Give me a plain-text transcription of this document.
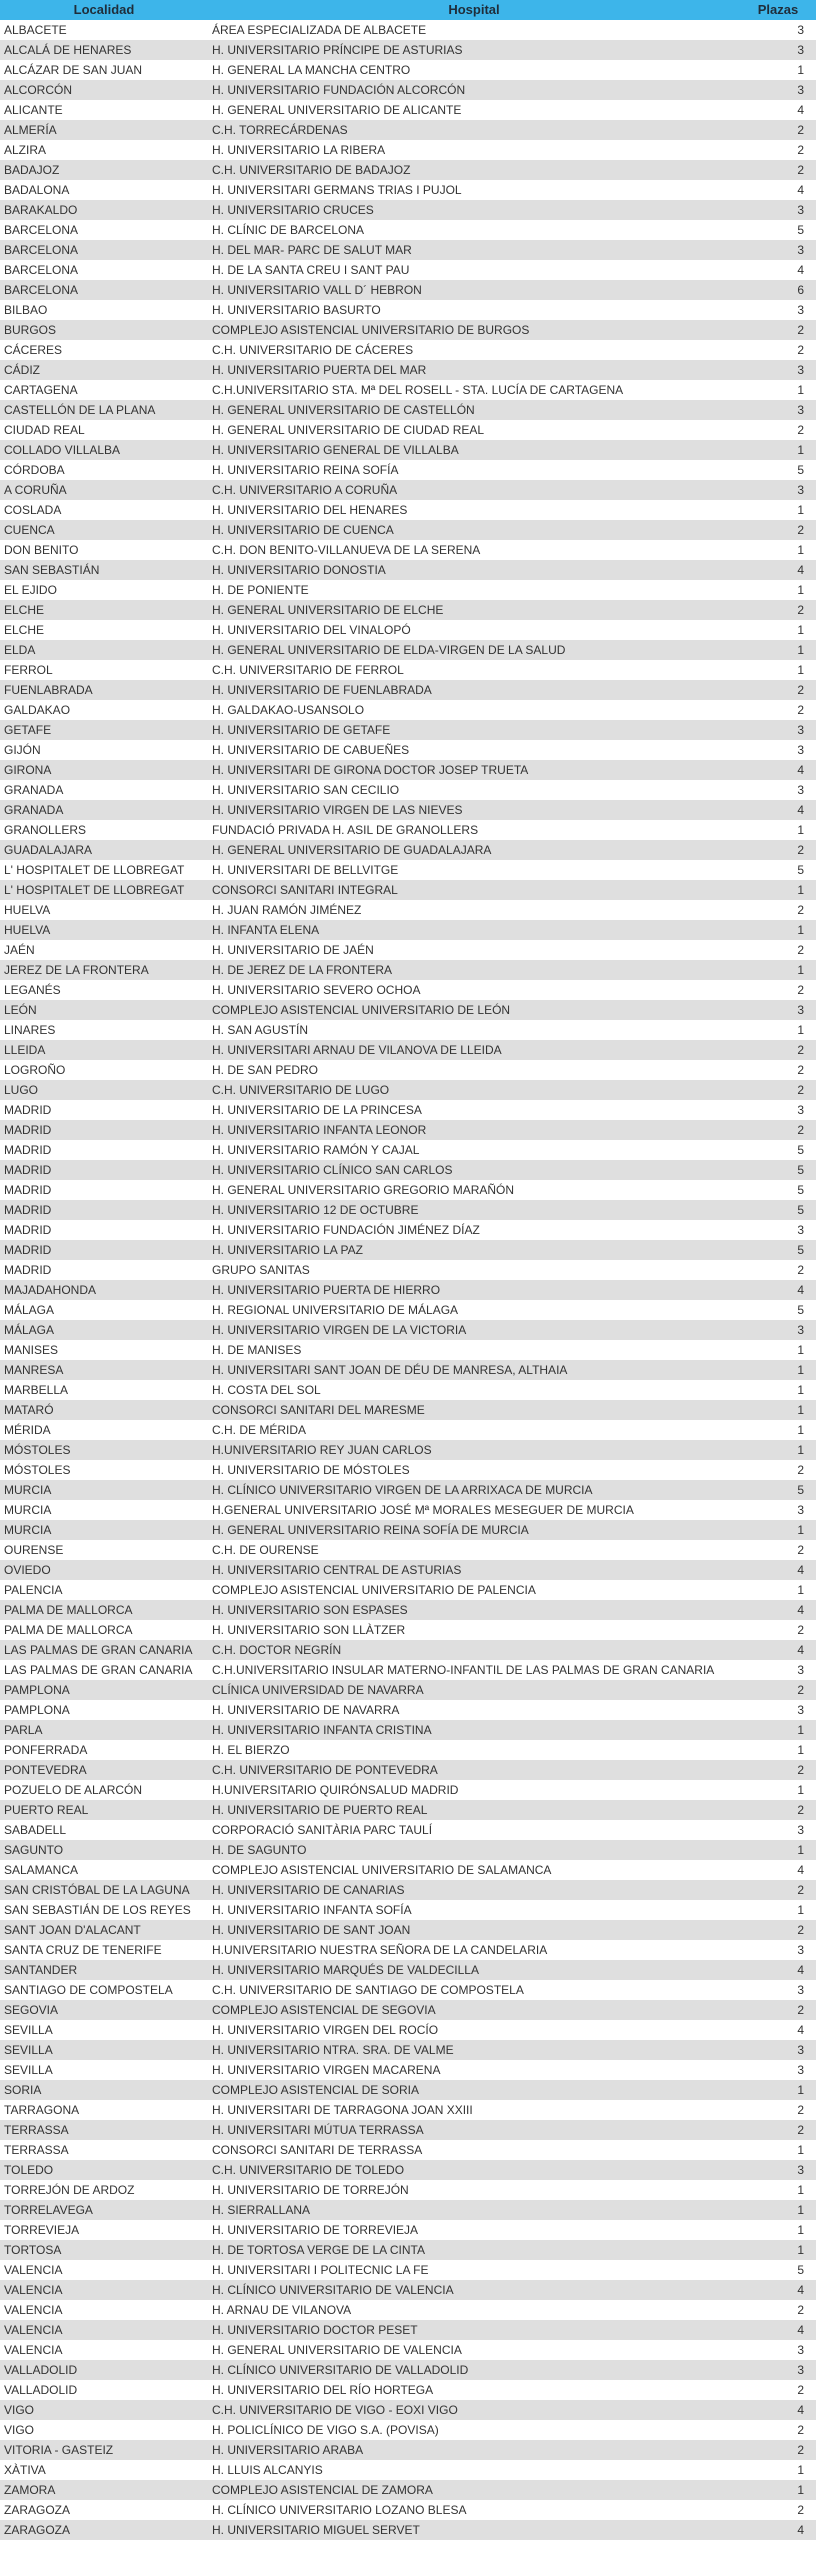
Localidad	Hospital	Plazas
ALBACETE	ÁREA ESPECIALIZADA DE ALBACETE	3
ALCALÁ DE HENARES	H. UNIVERSITARIO PRÍNCIPE DE ASTURIAS	3
ALCÁZAR DE SAN JUAN	H. GENERAL LA MANCHA CENTRO	1
ALCORCÓN	H. UNIVERSITARIO FUNDACIÓN ALCORCÓN	3
ALICANTE	H. GENERAL UNIVERSITARIO DE ALICANTE	4
ALMERÍA	C.H. TORRECÁRDENAS	2
ALZIRA	H. UNIVERSITARIO LA RIBERA	2
BADAJOZ	C.H. UNIVERSITARIO DE BADAJOZ	2
BADALONA	H. UNIVERSITARI GERMANS TRIAS I PUJOL	4
BARAKALDO	H. UNIVERSITARIO CRUCES	3
BARCELONA	H. CLÍNIC DE BARCELONA	5
BARCELONA	H. DEL MAR- PARC DE SALUT MAR	3
BARCELONA	H. DE LA SANTA CREU I SANT PAU	4
BARCELONA	H. UNIVERSITARIO VALL D´ HEBRON	6
BILBAO	H. UNIVERSITARIO BASURTO	3
BURGOS	COMPLEJO ASISTENCIAL UNIVERSITARIO DE BURGOS	2
CÁCERES	C.H. UNIVERSITARIO DE CÁCERES	2
CÁDIZ	H. UNIVERSITARIO PUERTA DEL MAR	3
CARTAGENA	C.H.UNIVERSITARIO STA. Mª DEL ROSELL - STA. LUCÍA DE CARTAGENA	1
CASTELLÓN DE LA PLANA	H. GENERAL UNIVERSITARIO DE CASTELLÓN	3
CIUDAD REAL	H. GENERAL UNIVERSITARIO DE CIUDAD REAL	2
COLLADO VILLALBA	H. UNIVERSITARIO GENERAL DE VILLALBA	1
CÓRDOBA	H. UNIVERSITARIO REINA SOFÍA	5
A CORUÑA	C.H. UNIVERSITARIO A CORUÑA	3
COSLADA	H. UNIVERSITARIO DEL HENARES	1
CUENCA	H. UNIVERSITARIO DE CUENCA	2
DON BENITO	C.H. DON BENITO-VILLANUEVA DE LA SERENA	1
SAN SEBASTIÁN	H. UNIVERSITARIO DONOSTIA	4
EL EJIDO	H. DE PONIENTE	1
ELCHE	H. GENERAL UNIVERSITARIO DE ELCHE	2
ELCHE	H. UNIVERSITARIO DEL VINALOPÓ	1
ELDA	H. GENERAL UNIVERSITARIO DE ELDA-VIRGEN DE LA SALUD	1
FERROL	C.H. UNIVERSITARIO DE FERROL	1
FUENLABRADA	H. UNIVERSITARIO DE FUENLABRADA	2
GALDAKAO	H. GALDAKAO-USANSOLO	2
GETAFE	H. UNIVERSITARIO DE GETAFE	3
GIJÓN	H. UNIVERSITARIO DE CABUEÑES	3
GIRONA	H. UNIVERSITARI DE GIRONA DOCTOR JOSEP TRUETA	4
GRANADA	H. UNIVERSITARIO SAN CECILIO	3
GRANADA	H. UNIVERSITARIO VIRGEN DE LAS NIEVES	4
GRANOLLERS	FUNDACIÓ PRIVADA H. ASIL DE GRANOLLERS	1
GUADALAJARA	H. GENERAL UNIVERSITARIO DE GUADALAJARA	2
L' HOSPITALET DE LLOBREGAT	H. UNIVERSITARI DE BELLVITGE	5
L' HOSPITALET DE LLOBREGAT	CONSORCI SANITARI INTEGRAL	1
HUELVA	H. JUAN RAMÓN JIMÉNEZ	2
HUELVA	H. INFANTA ELENA	1
JAÉN	H. UNIVERSITARIO DE JAÉN	2
JEREZ DE LA FRONTERA	H. DE JEREZ DE LA FRONTERA	1
LEGANÉS	H. UNIVERSITARIO SEVERO OCHOA	2
LEÓN	COMPLEJO ASISTENCIAL UNIVERSITARIO DE LEÓN	3
LINARES	H. SAN AGUSTÍN	1
LLEIDA	H. UNIVERSITARI ARNAU DE VILANOVA DE LLEIDA	2
LOGROÑO	H. DE SAN PEDRO	2
LUGO	C.H. UNIVERSITARIO DE LUGO	2
MADRID	H. UNIVERSITARIO DE LA PRINCESA	3
MADRID	H. UNIVERSITARIO INFANTA LEONOR	2
MADRID	H. UNIVERSITARIO RAMÓN Y CAJAL	5
MADRID	H. UNIVERSITARIO CLÍNICO SAN CARLOS	5
MADRID	H. GENERAL UNIVERSITARIO GREGORIO MARAÑÓN	5
MADRID	H. UNIVERSITARIO 12 DE OCTUBRE	5
MADRID	H. UNIVERSITARIO FUNDACIÓN JIMÉNEZ DÍAZ	3
MADRID	H. UNIVERSITARIO LA PAZ	5
MADRID	GRUPO SANITAS	2
MAJADAHONDA	H. UNIVERSITARIO PUERTA DE HIERRO	4
MÁLAGA	H. REGIONAL UNIVERSITARIO DE MÁLAGA	5
MÁLAGA	H. UNIVERSITARIO VIRGEN DE LA VICTORIA	3
MANISES	H. DE MANISES	1
MANRESA	H. UNIVERSITARI SANT JOAN DE DÉU DE MANRESA, ALTHAIA	1
MARBELLA	H. COSTA DEL SOL	1
MATARÓ	CONSORCI SANITARI DEL MARESME	1
MÉRIDA	C.H. DE MÉRIDA	1
MÓSTOLES	H.UNIVERSITARIO REY JUAN CARLOS	1
MÓSTOLES	H. UNIVERSITARIO DE MÓSTOLES	2
MURCIA	H. CLÍNICO UNIVERSITARIO VIRGEN DE LA ARRIXACA DE MURCIA	5
MURCIA	H.GENERAL UNIVERSITARIO JOSÉ Mª MORALES MESEGUER DE MURCIA	3
MURCIA	H. GENERAL UNIVERSITARIO REINA SOFÍA DE MURCIA	1
OURENSE	C.H. DE OURENSE	2
OVIEDO	H. UNIVERSITARIO CENTRAL DE ASTURIAS	4
PALENCIA	COMPLEJO ASISTENCIAL UNIVERSITARIO DE PALENCIA	1
PALMA DE MALLORCA	H. UNIVERSITARIO SON ESPASES	4
PALMA DE MALLORCA	H. UNIVERSITARIO SON LLÀTZER	2
LAS PALMAS DE GRAN CANARIA	C.H. DOCTOR NEGRÍN	4
LAS PALMAS DE GRAN CANARIA	C.H.UNIVERSITARIO INSULAR MATERNO-INFANTIL DE LAS PALMAS DE GRAN CANARIA	3
PAMPLONA	CLÍNICA UNIVERSIDAD DE NAVARRA	2
PAMPLONA	H. UNIVERSITARIO DE NAVARRA	3
PARLA	H. UNIVERSITARIO INFANTA CRISTINA	1
PONFERRADA	H. EL BIERZO	1
PONTEVEDRA	C.H. UNIVERSITARIO DE PONTEVEDRA	2
POZUELO DE ALARCÓN	H.UNIVERSITARIO QUIRÓNSALUD MADRID	1
PUERTO REAL	H. UNIVERSITARIO DE PUERTO REAL	2
SABADELL	CORPORACIÓ SANITÀRIA PARC TAULÍ	3
SAGUNTO	H. DE SAGUNTO	1
SALAMANCA	COMPLEJO ASISTENCIAL UNIVERSITARIO DE SALAMANCA	4
SAN CRISTÓBAL DE LA LAGUNA	H. UNIVERSITARIO DE CANARIAS	2
SAN SEBASTIÁN DE LOS REYES	H. UNIVERSITARIO INFANTA SOFÍA	1
SANT JOAN D'ALACANT	H. UNIVERSITARIO DE SANT JOAN	2
SANTA CRUZ DE TENERIFE	H.UNIVERSITARIO NUESTRA SEÑORA DE LA CANDELARIA	3
SANTANDER	H. UNIVERSITARIO MARQUÉS DE VALDECILLA	4
SANTIAGO DE COMPOSTELA	C.H. UNIVERSITARIO DE SANTIAGO DE COMPOSTELA	3
SEGOVIA	COMPLEJO ASISTENCIAL DE SEGOVIA	2
SEVILLA	H. UNIVERSITARIO VIRGEN DEL ROCÍO	4
SEVILLA	H. UNIVERSITARIO NTRA. SRA. DE VALME	3
SEVILLA	H. UNIVERSITARIO VIRGEN MACARENA	3
SORIA	COMPLEJO ASISTENCIAL DE SORIA	1
TARRAGONA	H. UNIVERSITARI DE TARRAGONA JOAN XXIII	2
TERRASSA	H. UNIVERSITARI MÚTUA TERRASSA	2
TERRASSA	CONSORCI SANITARI DE TERRASSA	1
TOLEDO	C.H. UNIVERSITARIO DE TOLEDO	3
TORREJÓN DE ARDOZ	H. UNIVERSITARIO DE TORREJÓN	1
TORRELAVEGA	H. SIERRALLANA	1
TORREVIEJA	H. UNIVERSITARIO DE TORREVIEJA	1
TORTOSA	H. DE TORTOSA VERGE DE LA CINTA	1
VALENCIA	H. UNIVERSITARI I POLITECNIC LA FE	5
VALENCIA	H. CLÍNICO UNIVERSITARIO DE VALENCIA	4
VALENCIA	H. ARNAU DE VILANOVA	2
VALENCIA	H. UNIVERSITARIO DOCTOR PESET	4
VALENCIA	H. GENERAL UNIVERSITARIO DE VALENCIA	3
VALLADOLID	H. CLÍNICO UNIVERSITARIO DE VALLADOLID	3
VALLADOLID	H. UNIVERSITARIO DEL RÍO HORTEGA	2
VIGO	C.H. UNIVERSITARIO DE VIGO - EOXI VIGO	4
VIGO	H. POLICLÍNICO DE VIGO S.A. (POVISA)	2
VITORIA - GASTEIZ	H. UNIVERSITARIO ARABA	2
XÀTIVA	H. LLUIS ALCANYIS	1
ZAMORA	COMPLEJO ASISTENCIAL DE ZAMORA	1
ZARAGOZA	H. CLÍNICO UNIVERSITARIO LOZANO BLESA	2
ZARAGOZA	H. UNIVERSITARIO MIGUEL SERVET	4
